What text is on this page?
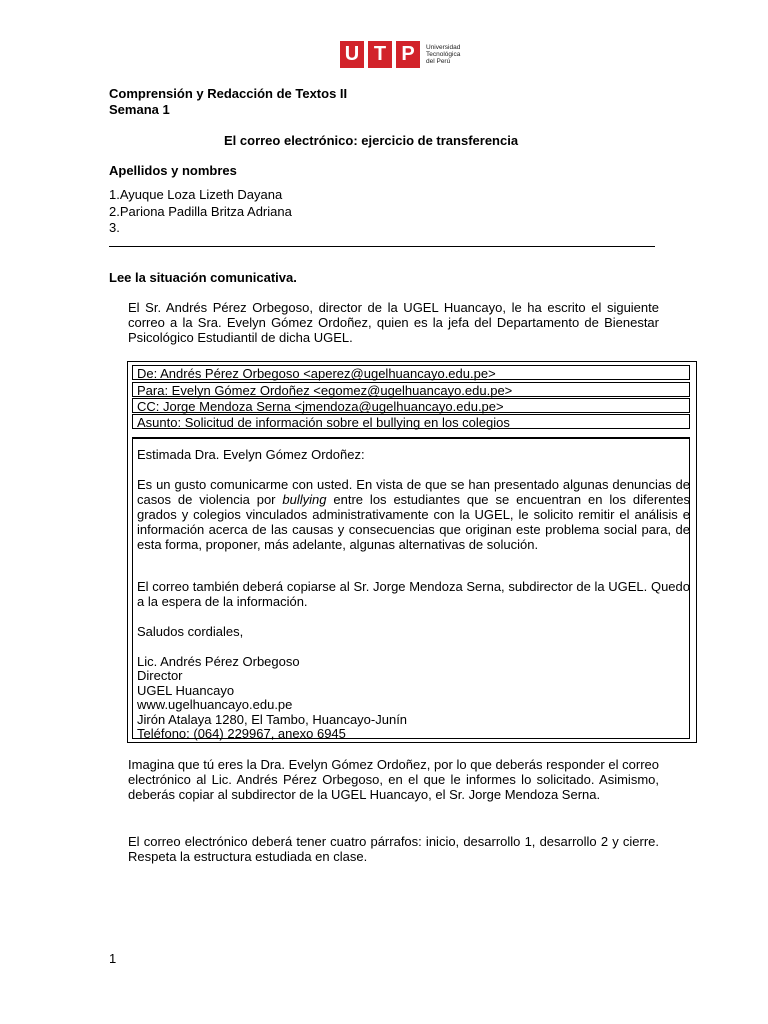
U T P	Universidad
Tecnológica
del Perú
Comprensión y Redacción de Textos II
Semana 1
El correo electrónico: ejercicio de transferencia
Apellidos y nombres
1.Ayuque Loza Lizeth Dayana
2.Pariona Padilla Britza Adriana
3.
Lee la situación comunicativa.
El Sr. Andrés Pérez Orbegoso, director de la UGEL Huancayo, le ha escrito el siguiente correo a la Sra. Evelyn Gómez Ordoñez, quien es la jefa del Departamento de Bienestar Psicológico Estudiantil de dicha UGEL.
De: Andrés Pérez Orbegoso <aperez@ugelhuancayo.edu.pe>
Para: Evelyn Gómez Ordoñez <egomez@ugelhuancayo.edu.pe>
CC: Jorge Mendoza Serna <jmendoza@ugelhuancayo.edu.pe>
Asunto: Solicitud de información sobre el bullying en los colegios
Estimada Dra. Evelyn Gómez Ordoñez:
Es un gusto comunicarme con usted. En vista de que se han presentado algunas denuncias de casos de violencia por bullying entre los estudiantes que se encuentran en los diferentes grados y colegios vinculados administrativamente con la UGEL, le solicito remitir el análisis e información acerca de las causas y consecuencias que originan este problema social para, de esta forma, proponer, más adelante, algunas alternativas de solución.
El correo también deberá copiarse al Sr. Jorge Mendoza Serna, subdirector de la UGEL. Quedo a la espera de la información.
Saludos cordiales,
Lic. Andrés Pérez Orbegoso
Director
UGEL Huancayo
www.ugelhuancayo.edu.pe
Jirón Atalaya 1280, El Tambo, Huancayo-Junín
Teléfono: (064) 229967, anexo 6945
Imagina que tú eres la Dra. Evelyn Gómez Ordoñez, por lo que deberás responder el correo electrónico al Lic. Andrés Pérez Orbegoso, en el que le informes lo solicitado. Asimismo, deberás copiar al subdirector de la UGEL Huancayo, el Sr. Jorge Mendoza Serna.
El correo electrónico deberá tener cuatro párrafos: inicio, desarrollo 1, desarrollo 2 y cierre. Respeta la estructura estudiada en clase.
1
